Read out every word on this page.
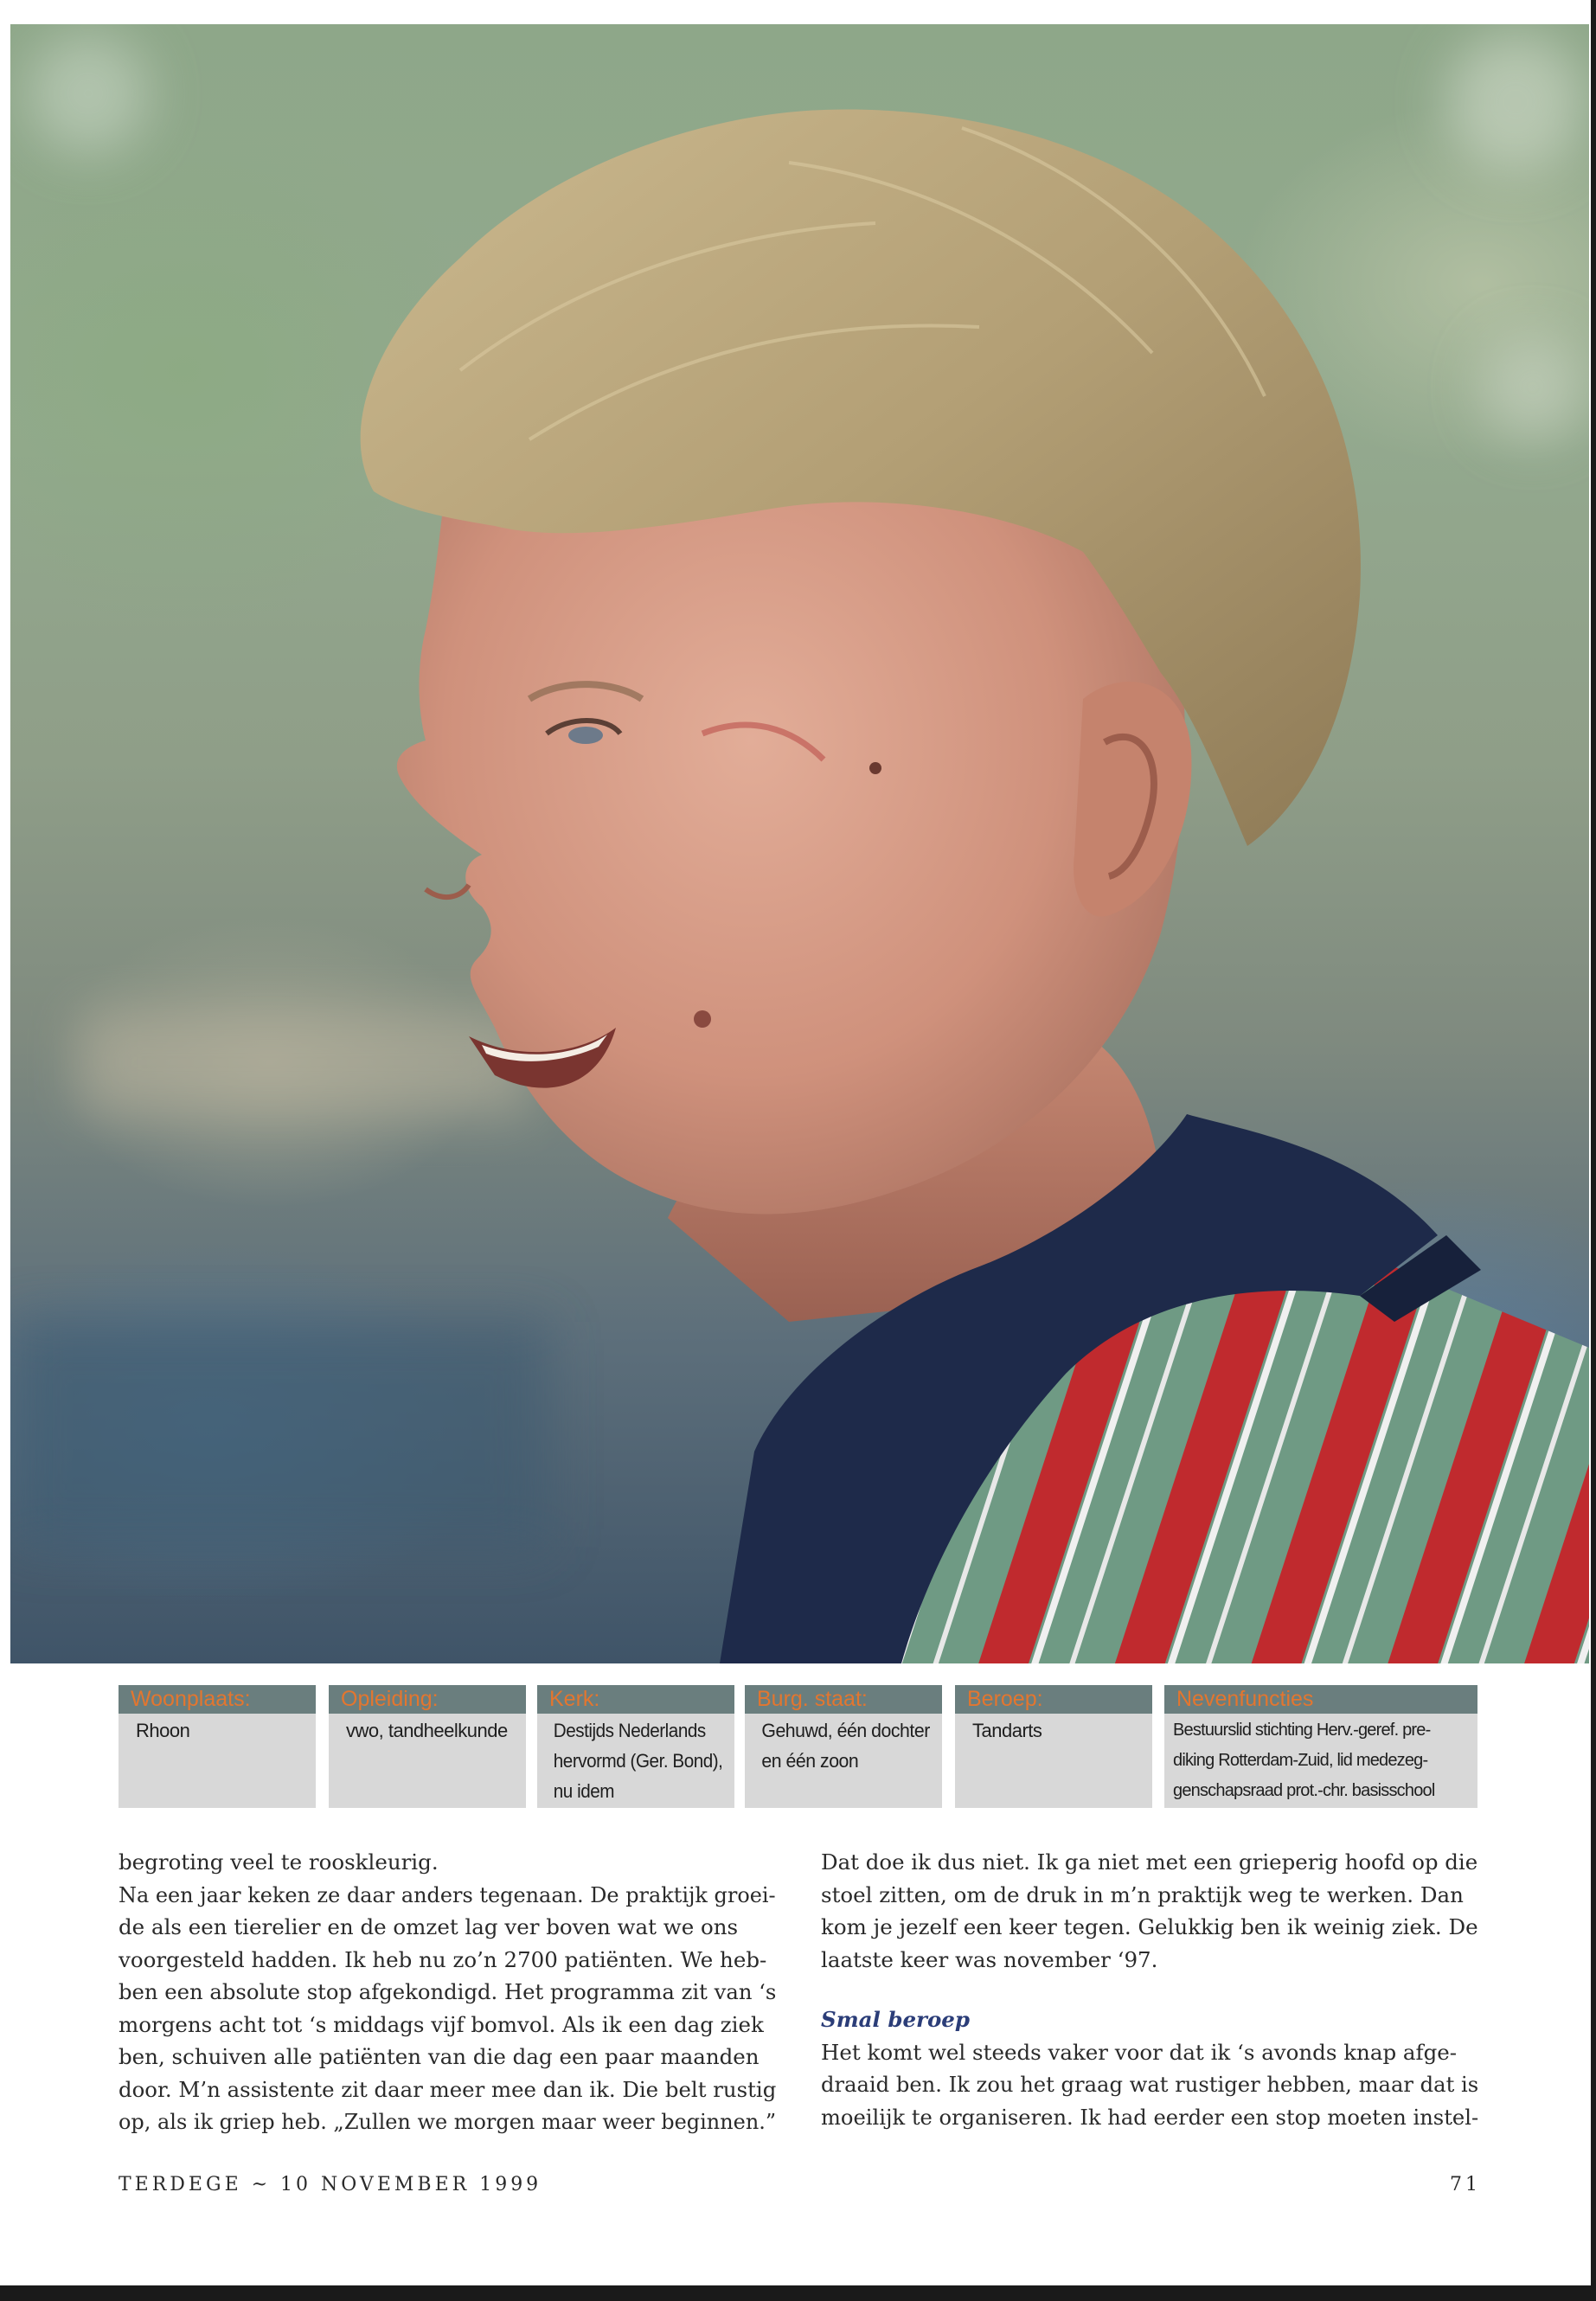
Woonplaats:
Rhoon
Opleiding:
vwo, tandheelkunde
Kerk:
Destijds Nederlands
hervormd (Ger. Bond),
nu idem
Burg. staat:
Gehuwd, één dochter
en één zoon
Beroep:
Tandarts
Nevenfuncties
Bestuurslid stichting Herv.-geref. pre-
diking Rotterdam-Zuid, lid medezeg-
genschapsraad prot.-chr. basisschool
begroting veel te rooskleurig.
Na een jaar keken ze daar anders tegenaan. De praktijk groei-
de als een tierelier en de omzet lag ver boven wat we ons
voorgesteld hadden. Ik heb nu zo’n 2700 patiënten. We heb-
ben een absolute stop afgekondigd. Het programma zit van ‘s
morgens acht tot ‘s middags vijf bomvol. Als ik een dag ziek
ben, schuiven alle patiënten van die dag een paar maanden
door. M’n assistente zit daar meer mee dan ik. Die belt rustig
op, als ik griep heb. „Zullen we morgen maar weer beginnen.”
Dat doe ik dus niet. Ik ga niet met een grieperig hoofd op die
stoel zitten, om de druk in m’n praktijk weg te werken. Dan
kom je jezelf een keer tegen. Gelukkig ben ik weinig ziek. De
laatste keer was november ‘97.

Smal beroep

Het komt wel steeds vaker voor dat ik ‘s avonds knap afge-
draaid ben. Ik zou het graag wat rustiger hebben, maar dat is
moeilijk te organiseren. Ik had eerder een stop moeten instel-
TERDEGE ~ 10 NOVEMBER 1999	71
